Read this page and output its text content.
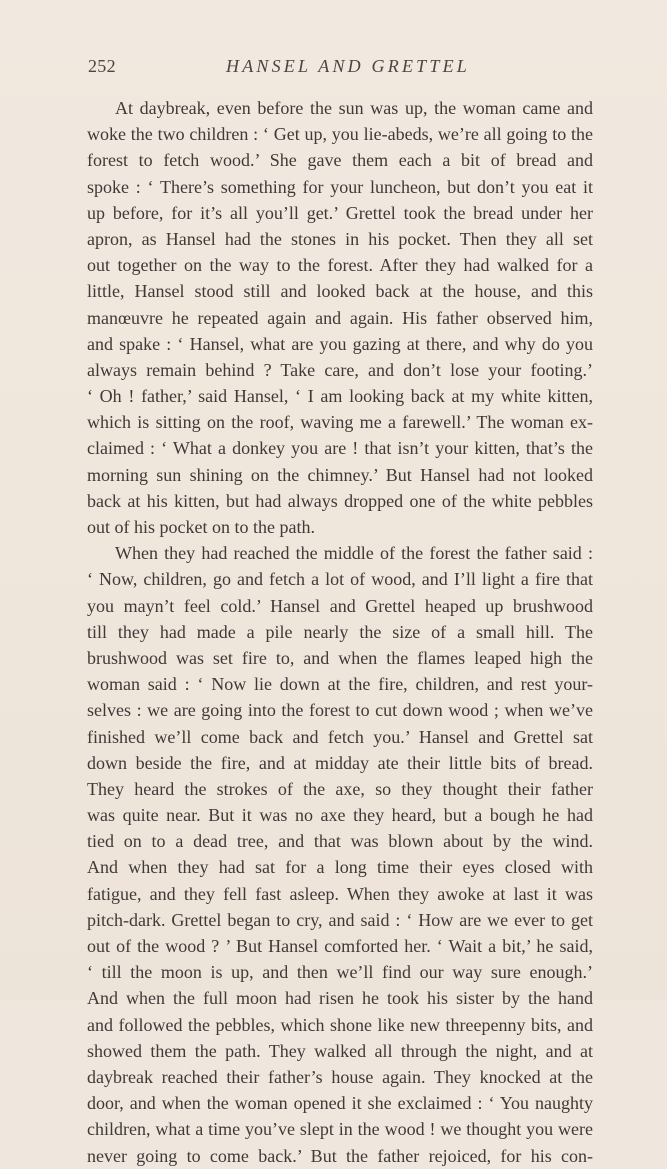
252	HANSEL AND GRETTEL
At daybreak, even before the sun was up, the woman came and
woke the two children : ‘ Get up, you lie-abeds, we’re all going to the
forest to fetch wood.’ She gave them each a bit of bread and
spoke : ‘ There’s something for your luncheon, but don’t you eat it
up before, for it’s all you’ll get.’ Grettel took the bread under her
apron, as Hansel had the stones in his pocket. Then they all set
out together on the way to the forest. After they had walked for a
little, Hansel stood still and looked back at the house, and this
manœuvre he repeated again and again. His father observed him,
and spake : ‘ Hansel, what are you gazing at there, and why do you
always remain behind ? Take care, and don’t lose your footing.’
‘ Oh ! father,’ said Hansel, ‘ I am looking back at my white kitten,
which is sitting on the roof, waving me a farewell.’ The woman ex-
claimed : ‘ What a donkey you are ! that isn’t your kitten, that’s the
morning sun shining on the chimney.’ But Hansel had not looked
back at his kitten, but had always dropped one of the white pebbles
out of his pocket on to the path.
When they had reached the middle of the forest the father said :
‘ Now, children, go and fetch a lot of wood, and I’ll light a fire that
you mayn’t feel cold.’ Hansel and Grettel heaped up brushwood
till they had made a pile nearly the size of a small hill. The
brushwood was set fire to, and when the flames leaped high the
woman said : ‘ Now lie down at the fire, children, and rest your-
selves : we are going into the forest to cut down wood ; when we’ve
finished we’ll come back and fetch you.’ Hansel and Grettel sat
down beside the fire, and at midday ate their little bits of bread.
They heard the strokes of the axe, so they thought their father
was quite near. But it was no axe they heard, but a bough he had
tied on to a dead tree, and that was blown about by the wind.
And when they had sat for a long time their eyes closed with
fatigue, and they fell fast asleep. When they awoke at last it was
pitch-dark. Grettel began to cry, and said : ‘ How are we ever to get
out of the wood ? ’ But Hansel comforted her. ‘ Wait a bit,’ he said,
‘ till the moon is up, and then we’ll find our way sure enough.’
And when the full moon had risen he took his sister by the hand
and followed the pebbles, which shone like new threepenny bits, and
showed them the path. They walked all through the night, and at
daybreak reached their father’s house again. They knocked at the
door, and when the woman opened it she exclaimed : ‘ You naughty
children, what a time you’ve slept in the wood ! we thought you were
never going to come back.’ But the father rejoiced, for his con-
